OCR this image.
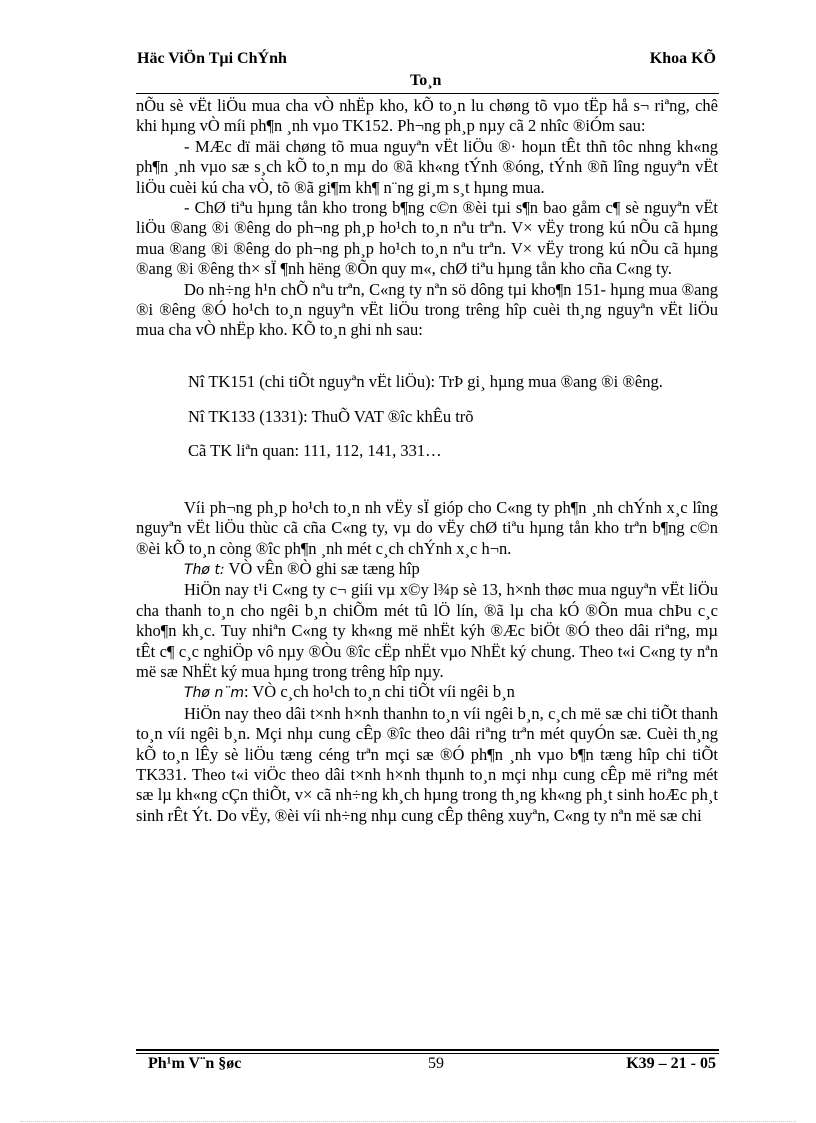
Häc ViÖn Tµi ChÝnh	Khoa KÕ
To¸n

nÕu sè vËt liÖu mua cha vÒ nhËp kho, kÕ to¸n lu chøng tõ vµo tËp hå s¬ riªng, chê khi hµng vÒ míi ph¶n ¸nh vµo TK152. Ph¬ng ph¸p nµy cã 2 nhîc ®iÓm sau:

- MÆc dï mäi chøng tõ mua nguyªn vËt liÖu ®· hoµn tÊt thñ tôc nhng kh«ng ph¶n ¸nh vµo sæ s¸ch kÕ to¸n mµ do ®ã kh«ng tÝnh ®óng, tÝnh ®ñ lîng nguyªn vËt liÖu cuèi kú cha vÒ, tõ ®ã gi¶m kh¶ n¨ng gi¸m s¸t hµng mua.

- ChØ tiªu hµng tån kho trong b¶ng c©n ®èi tµi s¶n bao gåm c¶ sè nguyªn vËt liÖu ®ang ®i ®êng do ph¬ng ph¸p ho¹ch to¸n nªu trªn. V× vËy trong kú nÕu cã hµng mua ®ang ®i ®êng do ph¬ng ph¸p ho¹ch to¸n nªu trªn. V× vËy trong kú nÕu cã hµng ®ang ®i ®êng th× sÏ ¶nh hëng ®Õn quy m«, chØ tiªu hµng tån kho cña C«ng ty.

Do nh÷ng h¹n chÕ nªu trªn, C«ng ty nªn sö dông tµi kho¶n 151- hµng mua ®ang ®i ®êng ®Ó ho¹ch to¸n nguyªn vËt liÖu trong trêng hîp cuèi th¸ng nguyªn vËt liÖu mua cha vÒ nhËp kho. KÕ to¸n ghi nh sau:

Nî TK151 (chi tiÕt nguyªn vËt liÖu): TrÞ gi¸ hµng mua ®ang ®i ®êng.

Nî TK133 (1331): ThuÕ VAT ®îc khÊu trõ

Cã TK liªn quan: 111, 112, 141, 331…

Víi ph¬ng ph¸p ho¹ch to¸n nh vËy sÏ gióp cho C«ng ty ph¶n ¸nh chÝnh x¸c lîng nguyªn vËt liÖu thùc cã cña C«ng ty, vµ do vËy chØ tiªu hµng tån kho trªn b¶ng c©n ®èi kÕ to¸n còng ®îc ph¶n ¸nh mét c¸ch chÝnh x¸c h¬n.

Thø t: VÒ vÊn ®Ò ghi sæ tæng hîp

HiÖn nay t¹i C«ng ty c¬ giíi vµ x©y l¾p sè 13, h×nh thøc mua nguyªn vËt liÖu cha thanh to¸n cho ngêi b¸n chiÕm mét tû lÖ lín, ®ã lµ cha kÓ ®Õn mua chÞu c¸c kho¶n kh¸c. Tuy nhiªn C«ng ty kh«ng më nhËt kýh ®Æc biÖt ®Ó theo dâi riªng, mµ tÊt c¶ c¸c nghiÖp vô nµy ®Òu ®îc cËp nhËt vµo NhËt ký chung. Theo t«i C«ng ty nªn më sæ NhËt ký mua hµng trong trêng hîp nµy.

Thø n¨m: VÒ c¸ch ho¹ch to¸n chi tiÕt víi ngêi b¸n

HiÖn nay theo dâi t×nh h×nh thanhn to¸n víi ngêi b¸n, c¸ch më sæ chi tiÕt thanh to¸n víi ngêi b¸n. Mçi nhµ cung cÊp ®îc theo dâi riªng trªn mét quyÓn sæ. Cuèi th¸ng kÕ to¸n lÊy sè liÖu tæng céng trªn mçi sæ ®Ó ph¶n ¸nh vµo b¶n tæng hîp chi tiÕt TK331. Theo t«i viÖc theo dâi t×nh h×nh thµnh to¸n mçi nhµ cung cÊp më riªng mét sæ lµ kh«ng cÇn thiÕt, v× cã nh÷ng kh¸ch hµng trong th¸ng kh«ng ph¸t sinh hoÆc ph¸t sinh rÊt Ýt. Do vËy, ®èi víi nh÷ng nhµ cung cÊp thêng xuyªn, C«ng ty nªn më sæ chi

Ph¹m V¨n §øc	59	K39 – 21 - 05
